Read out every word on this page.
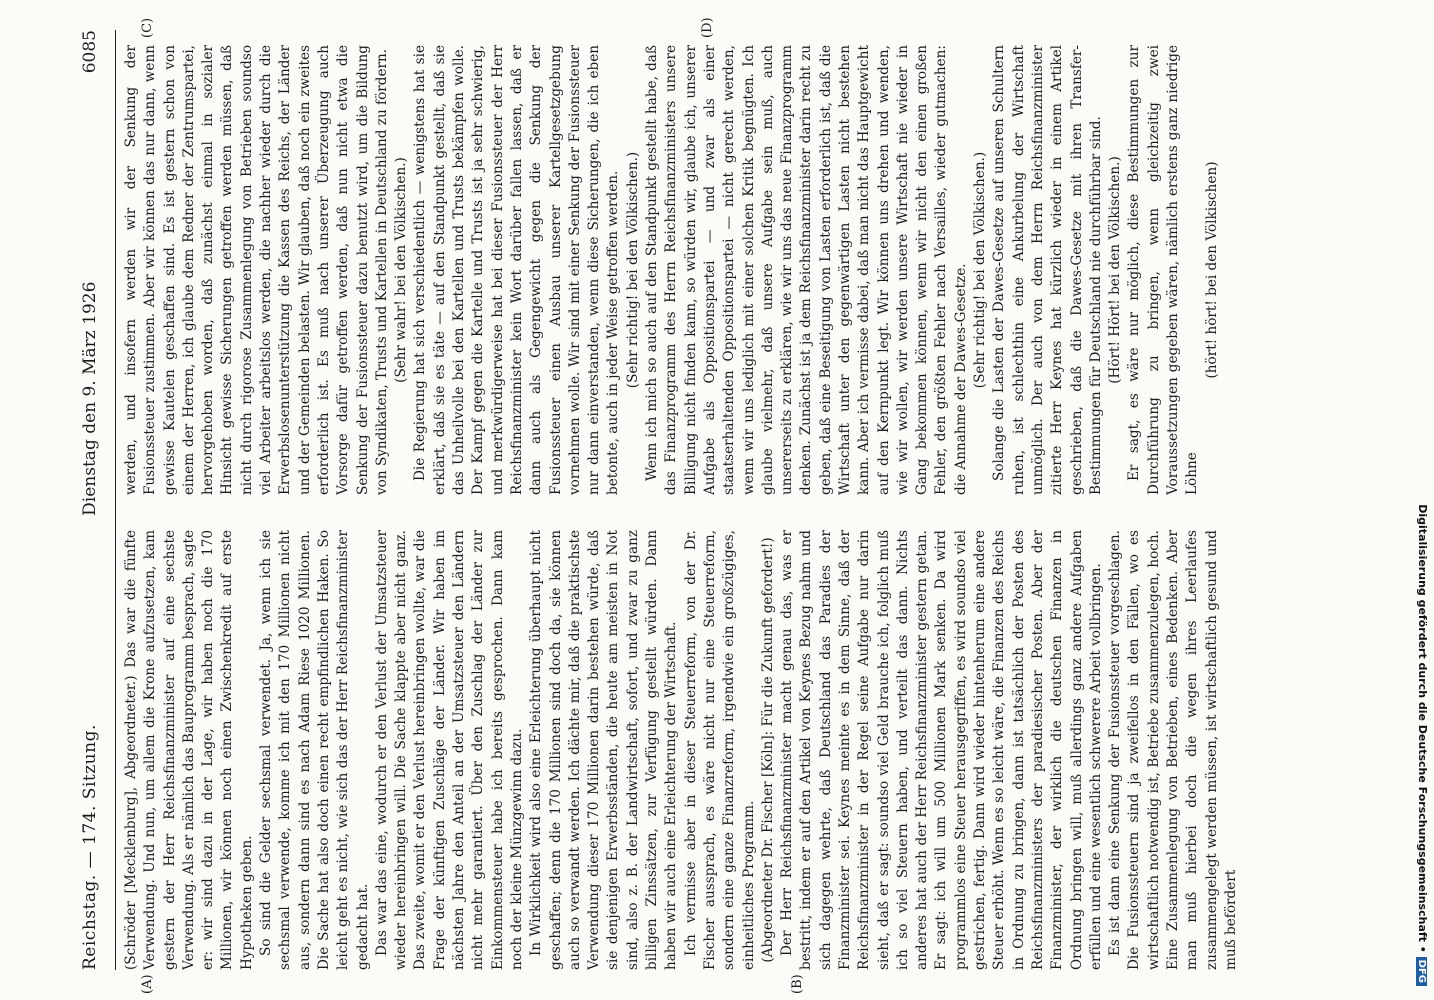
Reichstag. — 174. Sitzung.
Dienstag den 9. März 1926
6085
(A)	(B)
(C)	(D)

(Schröder [Mecklenburg], Abgeordneter.) Das war die fünfte Verwendung. Und nun, um allem die Krone aufzusetzen, kam gestern der Herr Reichsfinanzminister auf eine sechste Verwendung. Als er nämlich das Bauprogramm besprach, sagte er: wir sind dazu in der Lage, wir haben noch die 170 Millionen, wir können noch einen Zwischenkredit auf erste Hypotheken geben. So sind die Gelder sechsmal verwendet. Ja, wenn ich sie sechsmal verwende, komme ich mit den 170 Millionen nicht aus, sondern dann sind es nach Adam Riese 1020 Millionen. Die Sache hat also doch einen recht empfindlichen Haken. So leicht geht es nicht, wie sich das der Herr Reichsfinanzminister gedacht hat. Das war das eine, wodurch er den Verlust der Umsatzsteuer wieder hereinbringen will. Die Sache klappte aber nicht ganz. Das zweite, womit er den Verlust hereinbringen wollte, war die Frage der künftigen Zuschläge der Länder. Wir haben im nächsten Jahre den Anteil an der Umsatzsteuer den Ländern nicht mehr garantiert. Über den Zuschlag der Länder zur Einkommensteuer habe ich bereits gesprochen. Dann kam noch der kleine Münzgewinn dazu. In Wirklichkeit wird also eine Erleichterung überhaupt nicht geschaffen; denn die 170 Millionen sind doch da, sie können auch so verwandt werden. Ich dächte mir, daß die praktischste Verwendung dieser 170 Millionen darin bestehen würde, daß sie denjenigen Erwerbsständen, die heute am meisten in Not sind, also z. B. der Landwirtschaft, sofort, und zwar zu ganz billigen Zinssätzen, zur Verfügung gestellt würden. Dann haben wir auch eine Erleichterung der Wirtschaft. Ich vermisse aber in dieser Steuerreform, von der Dr. Fischer aussprach, es wäre nicht nur eine Steuerreform, sondern eine ganze Finanzreform, irgendwie ein großzügiges, einheitliches Programm. (Abgeordneter Dr. Fischer [Köln]: Für die Zukunft gefordert!) Der Herr Reichsfinanzminister macht genau das, was er bestritt, indem er auf den Artikel von Keynes Bezug nahm und sich dagegen wehrte, daß Deutschland das Paradies der Finanzminister sei. Keynes meinte es in dem Sinne, daß der Reichsfinanzminister in der Regel seine Aufgabe nur darin sieht, daß er sagt: soundso viel Geld brauche ich, folglich muß ich so viel Steuern haben, und verteilt das dann. Nichts anderes hat auch der Herr Reichsfinanzminister gestern getan. Er sagt: ich will um 500 Millionen Mark senken. Da wird programmlos eine Steuer herausgegriffen, es wird soundso viel gestrichen, fertig. Dann wird wieder hintenherum eine andere Steuer erhöht. Wenn es so leicht wäre, die Finanzen des Reichs in Ordnung zu bringen, dann ist tatsächlich der Posten des Reichsfinanzministers der paradiesischer Posten. Aber der Finanzminister, der wirklich die deutschen Finanzen in Ordnung bringen will, muß allerdings ganz andere Aufgaben erfüllen und eine wesentlich schwerere Arbeit vollbringen. Es ist dann eine Senkung der Fusionssteuer vorgeschlagen. Die Fusionssteuern sind ja zweifellos in den Fällen, wo es wirtschaftlich notwendig ist, Betriebe zusammenzulegen, hoch. Eine Zusammenlegung von Betrieben, eines Bedenken. Aber man muß hierbei doch die wegen ihres Leerlaufes zusammengelegt werden müssen, ist wirtschaftlich gesund und muß befördert

werden, und insofern werden wir der Senkung der Fusionssteuer zustimmen. Aber wir können das nur dann, wenn gewisse Kautelen geschaffen sind. Es ist gestern schon von einem der Herren, ich glaube dem Redner der Zentrumspartei, hervorgehoben worden, daß zunächst einmal in sozialer Hinsicht gewisse Sicherungen getroffen werden müssen, daß nicht durch rigorose Zusammenlegung von Betrieben soundso viel Arbeiter arbeitslos werden, die nachher wieder durch die Erwerbslosenunterstützung die Kassen des Reichs, der Länder und der Gemeinden belasten. Wir glauben, daß noch ein zweites erforderlich ist. Es muß nach unserer Überzeugung auch Vorsorge dafür getroffen werden, daß nun nicht etwa die Senkung der Fusionssteuer dazu benutzt wird, um die Bildung von Syndikaten, Trusts und Kartellen in Deutschland zu fördern. (Sehr wahr! bei den Völkischen.) Die Regierung hat sich verschiedentlich — wenigstens hat sie erklärt, daß sie es täte — auf den Standpunkt gestellt, daß sie das Unheilvolle bei den Kartellen und Trusts bekämpfen wolle. Der Kampf gegen die Kartelle und Trusts ist ja sehr schwierig, und merkwürdigerweise hat bei dieser Fusionssteuer der Herr Reichsfinanzminister kein Wort darüber fallen lassen, daß er dann auch als Gegengewicht gegen die Senkung der Fusionssteuer einen Ausbau unserer Kartellgesetzgebung vornehmen wolle. Wir sind mit einer Senkung der Fusionssteuer nur dann einverstanden, wenn diese Sicherungen, die ich eben betonte, auch in jeder Weise getroffen werden. (Sehr richtig! bei den Völkischen.) Wenn ich mich so auch auf den Standpunkt gestellt habe, daß das Finanzprogramm des Herrn Reichsfinanzministers unsere Billigung nicht finden kann, so würden wir, glaube ich, unserer Aufgabe als Oppositionspartei — und zwar als einer staatserhaltenden Oppositionspartei — nicht gerecht werden, wenn wir uns lediglich mit einer solchen Kritik begnügten. Ich glaube vielmehr, daß unsere Aufgabe sein muß, auch unsererseits zu erklären, wie wir uns das neue Finanzprogramm denken. Zunächst ist ja dem Reichsfinanzminister darin recht zu geben, daß eine Beseitigung von Lasten erforderlich ist, daß die Wirtschaft unter den gegenwärtigen Lasten nicht bestehen kann. Aber ich vermisse dabei, daß man nicht das Hauptgewicht auf den Kernpunkt legt. Wir können uns drehen und wenden, wie wir wollen, wir werden unsere Wirtschaft nie wieder in Gang bekommen können, wenn wir nicht den einen großen Fehler, den größten Fehler nach Versailles, wieder gutmachen: die Annahme der Dawes-Gesetze. (Sehr richtig! bei den Völkischen.) Solange die Lasten der Dawes-Gesetze auf unseren Schultern ruhen, ist schlechthin eine Ankurbelung der Wirtschaft unmöglich. Der auch von dem Herrn Reichsfinanzminister zitierte Herr Keynes hat kürzlich wieder in einem Artikel geschrieben, daß die Dawes-Gesetze mit ihren Transfer-Bestimmungen für Deutschland nie durchführbar sind. (Hört! Hört! bei den Völkischen.) Er sagt, es wäre nur möglich, diese Bestimmungen zur Durchführung zu bringen, wenn gleichzeitig zwei Voraussetzungen gegeben wären, nämlich erstens ganz niedrige Löhne

(hört! hört! bei den Völkischen)

Digitalisierung gefördert durch die Deutsche Forschungsgemeinschaft • DFG
